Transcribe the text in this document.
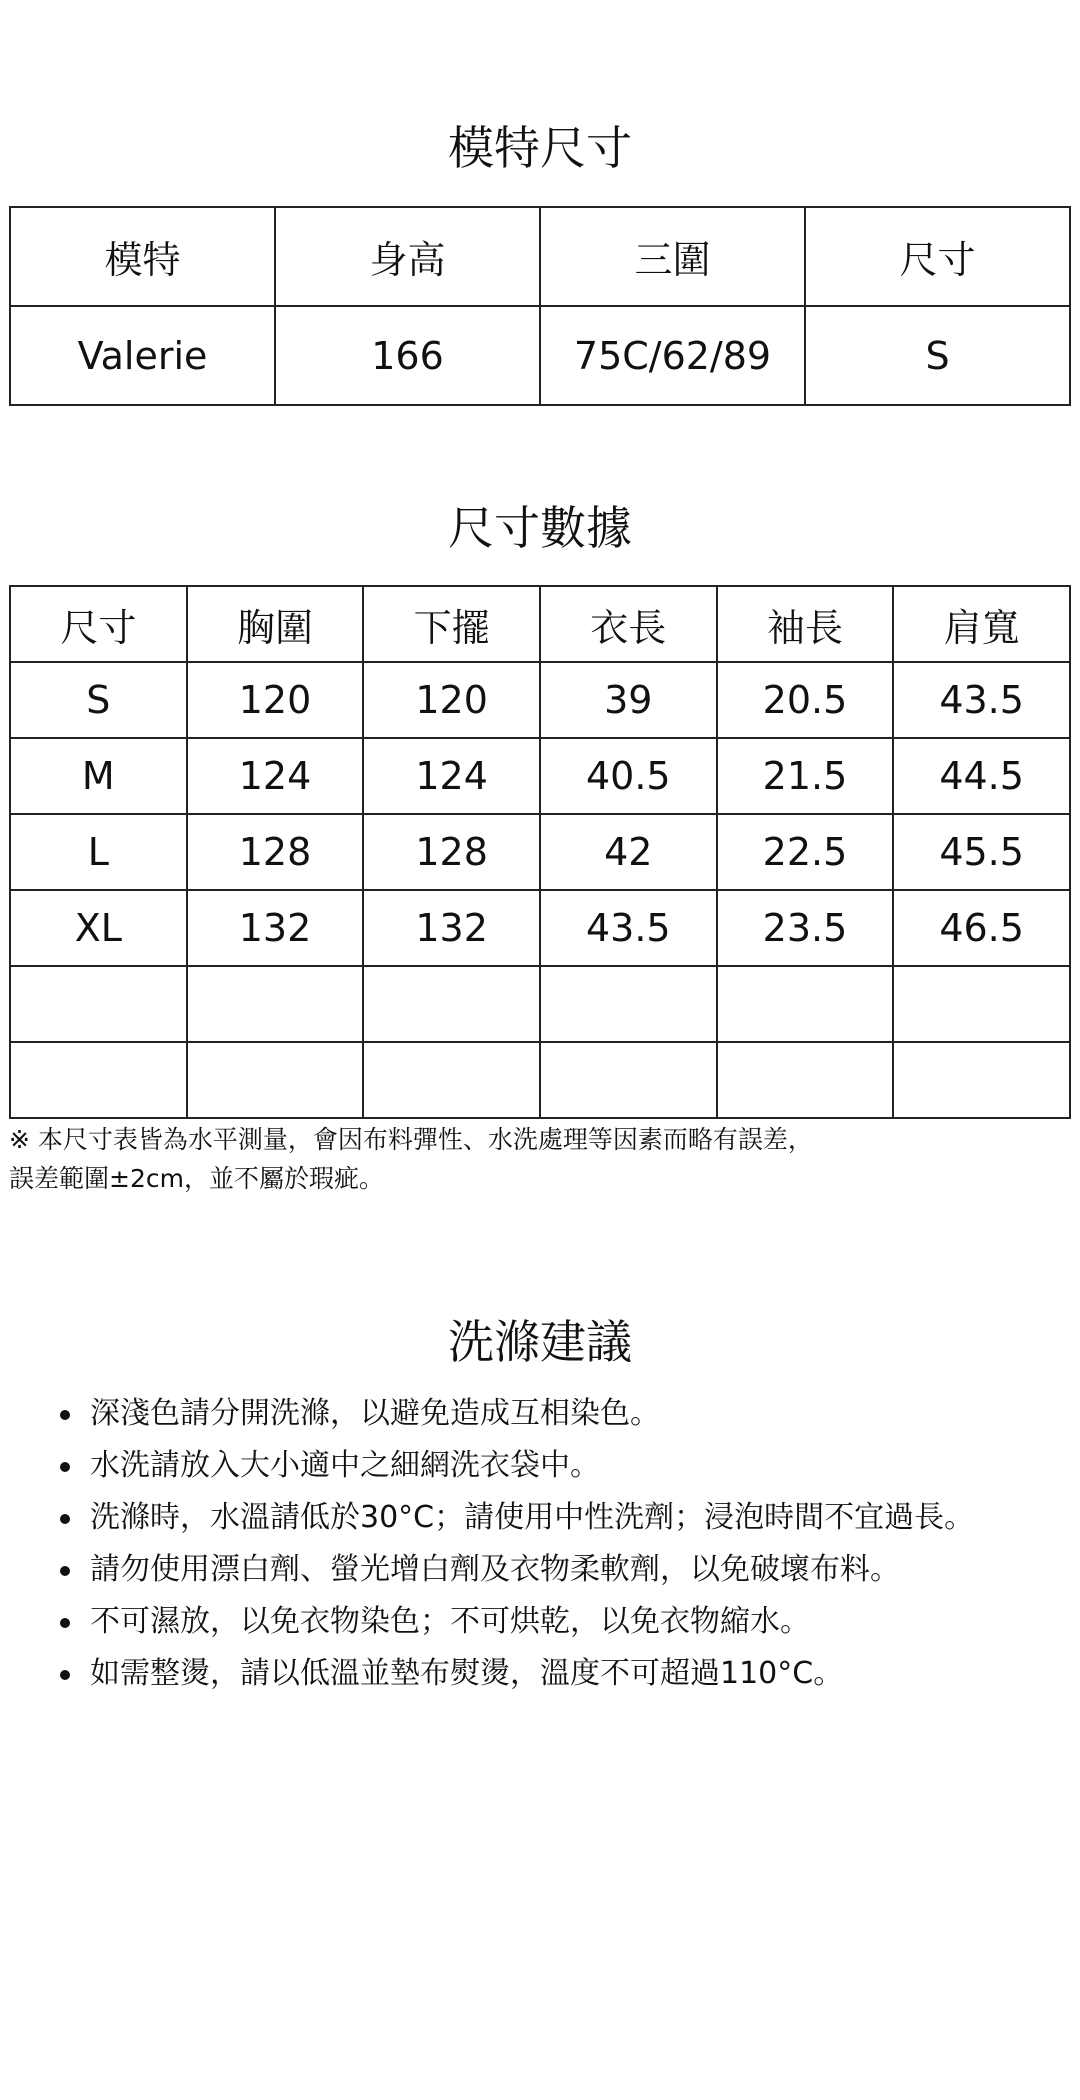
模特尺寸
模特	身高	三圍	尺寸
Valerie	166	75C/62/89	S
尺寸數據
尺寸	胸圍	下擺	衣長	袖長	肩寬
S	120	120	39	20.5	43.5
M	124	124	40.5	21.5	44.5
L	128	128	42	22.5	45.5
XL	132	132	43.5	23.5	46.5

※ 本尺寸表皆為水平測量，會因布料彈性、水洗處理等因素而略有誤差，
誤差範圍±2cm，並不屬於瑕疵。
洗滌建議
深淺色請分開洗滌，以避免造成互相染色。
水洗請放入大小適中之細網洗衣袋中。
洗滌時，水溫請低於30°C；請使用中性洗劑；浸泡時間不宜過長。
請勿使用漂白劑、螢光增白劑及衣物柔軟劑，以免破壞布料。
不可濕放，以免衣物染色；不可烘乾，以免衣物縮水。
如需整燙，請以低溫並墊布熨燙，溫度不可超過110°C。
